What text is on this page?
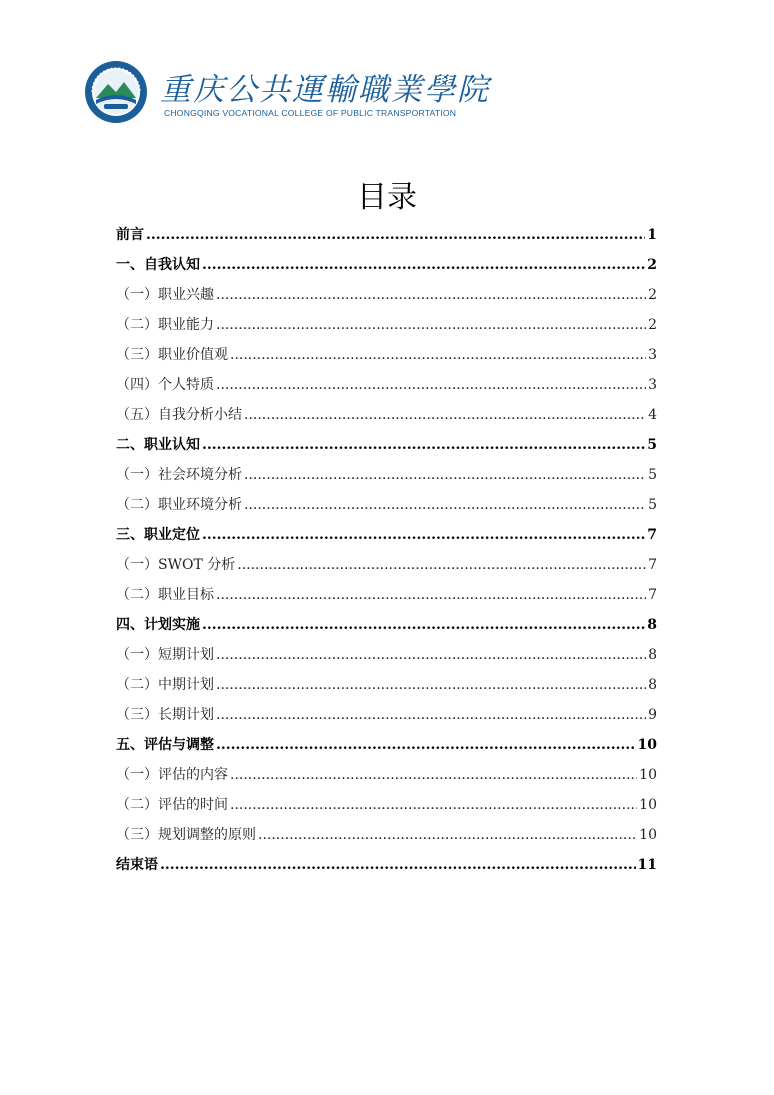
重庆公共運輸職業學院
CHONGQING VOCATIONAL COLLEGE OF PUBLIC TRANSPORTATION
目录
前言 .....	1
一、自我认知 .....	2
（一）职业兴趣 .....	2
（二）职业能力 .....	2
（三）职业价值观 .....	3
（四）个人特质 .....	3
（五）自我分析小结 .....	4
二、职业认知 .....	5
（一）社会环境分析 .....	5
（二）职业环境分析 .....	5
三、职业定位 .....	7
（一）SWOT 分析 .....	7
（二）职业目标 .....	7
四、计划实施 .....	8
（一）短期计划 .....	8
（二）中期计划 .....	8
（三）长期计划 .....	9
五、评估与调整 .....	10
（一）评估的内容 .....	10
（二）评估的时间 .....	10
（三）规划调整的原则 .....	10
结束语 .....	11
